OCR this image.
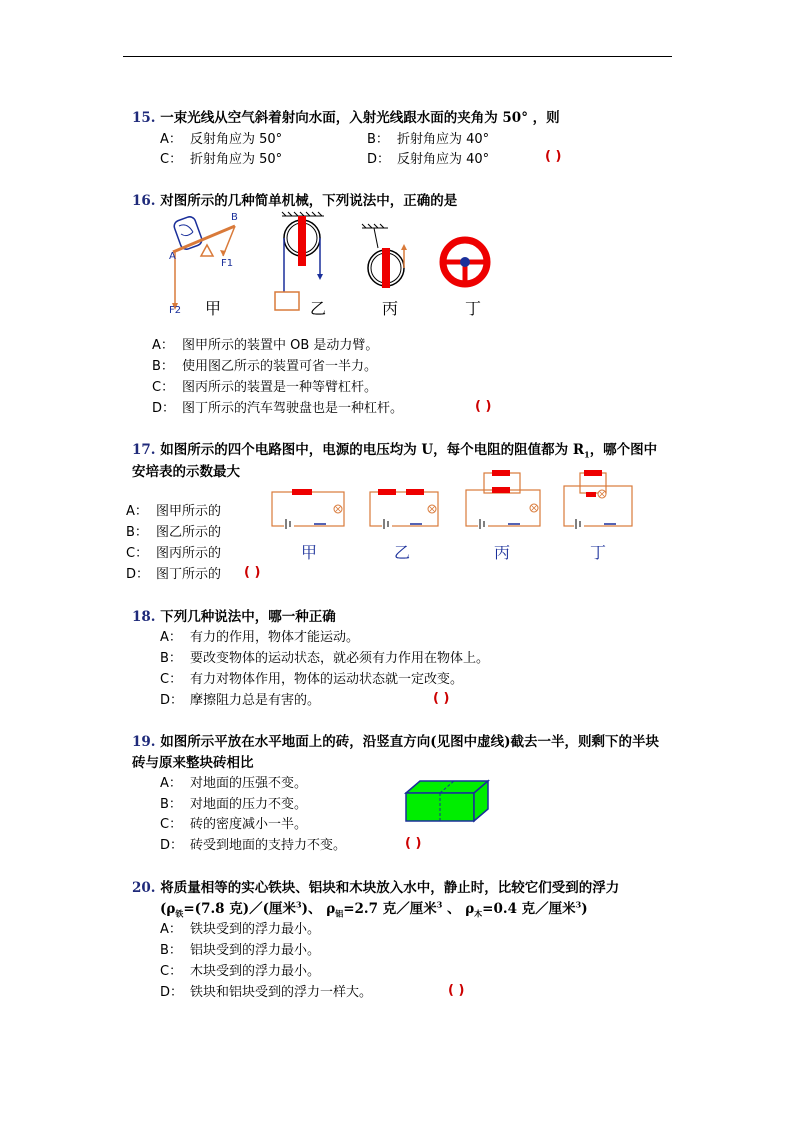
15. 一束光线从空气斜着射向水面，入射光线跟水面的夹角为 50° ，则
A： 反射角应为 50°	B： 折射角应为 40°
C： 折射角应为 50°	D： 反射角应为 40°	( )
16. 对图所示的几种简单机械，下列说法中，正确的是
B
A
F1
F2 甲	乙	丙	丁
A： 图甲所示的装置中 OB 是动力臂。
B： 使用图乙所示的装置可省一半力。
C： 图丙所示的装置是一种等臂杠杆。
D： 图丁所示的汽车驾驶盘也是一种杠杆。	( )
17. 如图所示的四个电路图中，电源的电压均为 U，每个电阻的阻值都为 $R_1$，哪个图中
安培表的示数最大
A： 图甲所示的
B： 图乙所示的
C： 图丙所示的
D： 图丁所示的 ( )
甲	乙	丙	丁
18. 下列几种说法中，哪一种正确
A： 有力的作用，物体才能运动。
B： 要改变物体的运动状态，就必须有力作用在物体上。
C： 有力对物体作用，物体的运动状态就一定改变。
D： 摩擦阻力总是有害的。	( )
19. 如图所示平放在水平地面上的砖，沿竖直方向(见图中虚线)截去一半，则剩下的半块
砖与原来整块砖相比
A： 对地面的压强不变。
B： 对地面的压力不变。
C： 砖的密度减小一半。
D： 砖受到地面的支持力不变。	( )
20. 将质量相等的实心铁块、铝块和木块放入水中，静止时，比较它们受到的浮力
($\rho_铁=(7.8$ 克)／(厘米$^3$)、 $\rho_铝=2.7$ 克／厘米$^3$ 、 $\rho_木=0.4$ 克／厘米$^3$)
A： 铁块受到的浮力最小。
B： 铝块受到的浮力最小。
C： 木块受到的浮力最小。
D： 铁块和铝块受到的浮力一样大。	( )
